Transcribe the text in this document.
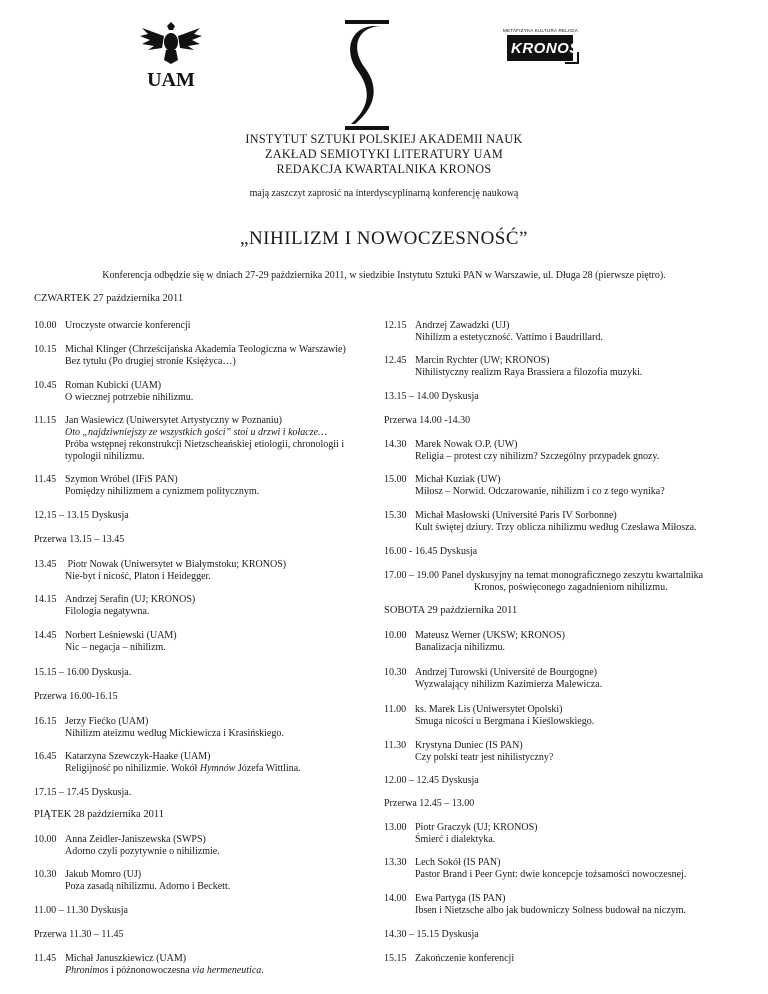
UAM
METAFIZYKA KULTURA RELIGIA
KRONOS
INSTYTUT SZTUKI POLSKIEJ AKADEMII NAUK
ZAKŁAD SEMIOTYKI LITERATURY UAM
REDAKCJA KWARTALNIKA KRONOS
mają zaszczyt zaprosić na interdyscyplinarną konferencję naukową
„NIHILIZM I NOWOCZESNOŚĆ”
Konferencja odbędzie się w dniach 27-29 października 2011, w siedzibie Instytutu Sztuki PAN w Warszawie, ul. Długa 28 (pierwsze piętro).
CZWARTEK 27 października 2011
PIĄTEK 28 października 2011
SOBOTA 29 października 2011
10.00 Uroczyste otwarcie konferencji
10.15 Michał Klinger (Chrześcijańska Akademia Teologiczna w Warszawie)
Bez tytułu (Po drugiej stronie Księżyca…)
10.45 Roman Kubicki (UAM)
O wiecznej potrzebie nihilizmu.
11.15 Jan Wasiewicz (Uniwersytet Artystyczny w Poznaniu)
Oto „najdziwniejszy ze wszystkich gości” stoi u drzwi i kołacze…
Próba wstępnej rekonstrukcji Nietzscheańskiej etiologii, chronologii i
typologii nihilizmu.
11.45 Szymon Wróbel (IFiS PAN)
Pomiędzy nihilizmem a cynizmem politycznym.
12.15 – 13.15 Dyskusja
Przerwa 13.15 – 13.45
13.45 Piotr Nowak (Uniwersytet w Białymstoku; KRONOS)
Nie-byt i nicość, Platon i Heidegger.
14.15 Andrzej Serafin (UJ; KRONOS)
Filologia negatywna.
14.45 Norbert Leśniewski (UAM)
Nic – negacja – nihilizm.
15.15 – 16.00 Dyskusja.
Przerwa 16.00-16.15
16.15 Jerzy Fiećko (UAM)
Nihilizm ateizmu według Mickiewicza i Krasińskiego.
16.45 Katarzyna Szewczyk-Haake (UAM)
Religijność po nihilizmie. Wokół Hymnów Józefa Wittlina.
17.15 – 17.45 Dyskusja.
10.00 Anna Zeidler-Janiszewska (SWPS)
Adorno czyli pozytywnie o nihilizmie.
10.30 Jakub Momro (UJ)
Poza zasadą nihilizmu. Adorno i Beckett.
11.00 – 11.30 Dyskusja
Przerwa 11.30 – 11.45
11.45 Michał Januszkiewicz (UAM)
Phronimos i późnonowoczesna via hermeneutica.
12.15 Andrzej Zawadzki (UJ)
Nihilizm a estetyczność. Vattimo i Baudrillard.
12.45 Marcin Rychter (UW; KRONOS)
Nihilistyczny realizm Raya Brassiera a filozofia muzyki.
13.15 – 14.00 Dyskusja
Przerwa 14.00 -14.30
14.30 Marek Nowak O.P. (UW)
Religia – protest czy nihilizm? Szczególny przypadek gnozy.
15.00 Michał Kuziak (UW)
Miłosz – Norwid. Odczarowanie, nihilizm i co z tego wynika?
15.30 Michał Masłowski (Université Paris IV Sorbonne)
Kult świętej dziury. Trzy oblicza nihilizmu według Czesława Miłosza.
16.00 - 16.45 Dyskusja
17.00 – 19.00 Panel dyskusyjny na temat monograficznego zeszytu kwartalnika
Kronos, poświęconego zagadnieniom nihilizmu.
10.00 Mateusz Werner (UKSW; KRONOS)
Banalizacja nihilizmu.
10.30 Andrzej Turowski (Université de Bourgogne)
Wyzwalający nihilizm Kazimierza Malewicza.
11.00 ks. Marek Lis (Uniwersytet Opolski)
Smuga nicości u Bergmana i Kieślowskiego.
11.30 Krystyna Duniec (IS PAN)
Czy polski teatr jest nihilistyczny?
12.00 – 12.45 Dyskusja
Przerwa 12.45 – 13.00
13.00 Piotr Graczyk (UJ; KRONOS)
Śmierć i dialektyka.
13.30 Lech Sokół (IS PAN)
Pastor Brand i Peer Gynt: dwie koncepcje tożsamości nowoczesnej.
14.00 Ewa Partyga (IS PAN)
Ibsen i Nietzsche albo jak budowniczy Solness budował na niczym.
14.30 – 15.15 Dyskusja
15.15 Zakończenie konferencji
